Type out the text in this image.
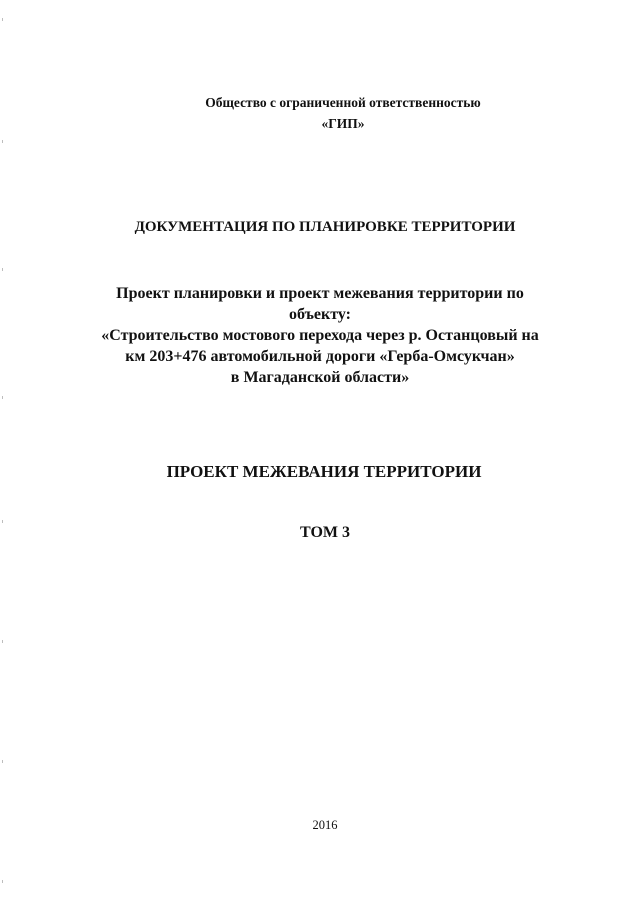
Общество с ограниченной ответственностью
«ГИП»
ДОКУМЕНТАЦИЯ ПО ПЛАНИРОВКЕ ТЕРРИТОРИИ
Проект планировки и проект межевания территории по
объекту:
«Строительство мостового перехода через р. Останцовый на
км 203+476 автомобильной дороги «Герба-Омсукчан»
в Магаданской области»
ПРОЕКТ МЕЖЕВАНИЯ ТЕРРИТОРИИ
ТОМ 3
2016
